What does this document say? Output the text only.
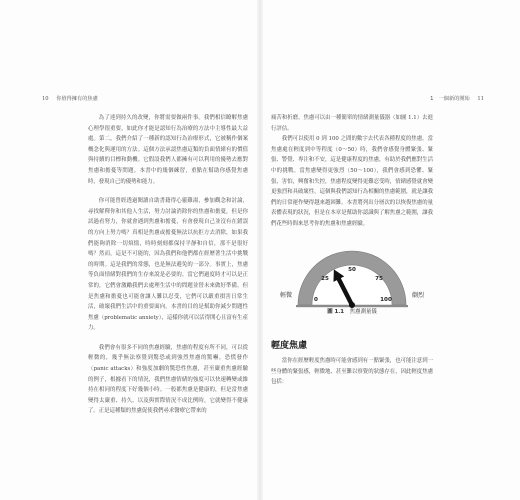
10 你值得擁有的焦慮	1　一個新的開始 11

為了達到持久的改變，你將需要做兩件事。我們相信瞭解焦慮心理學很重要，如此你才能是認知行為治療的方法中主導性最大益處。第二，我們介紹了一種新的認知行為治療形式，它被稱作個案概念化與運用的方法。這個方法承認焦慮這類的負面情緒有的價值與持續的目標和動機。它假設我們人都擁有可以利用的優勢去應對焦慮和擔憂等問題。本書中的幾個練習，重點在幫助你感覺焦慮時，發現自己的優勢和能力。

你可能曾經透過閱讀自助書籍得心靈雞湯，參加觀念和討論，尋找解釋你和其他人生活，努力討論消除你的焦慮和擔憂，但是你試過看努力，你就會遇到焦慮和擔憂，有會發現自己並沒有在錯誤的方向上努力嗎？真相是焦慮或擔憂無法以抗拒方去消除，如果我們能夠消除一切煩惱，時時刻刻都保持平靜和自信，那不是很好嗎？然而，這是不可能的，因為我們和他們都在經歷著生活中挑戰的時期。這是我們的常態，也是無法避免的一部分。事實上，焦慮等負面情緒對我們的生存來說是必要的。當它們過度時才可以是正常的，它們會激勵我們去處理生活中的問題並替未來做好準備。但是焦慮和擔憂也可能會讓人難以忍受，它們可以嚴重損害日常生活，破壞我們生活中的重要面向。本書的目的是幫助你減少問題性焦慮（problematic anxiety），這樣你就可以活得開心且富有生產力。

我們會有很多不同的焦慮經驗，焦慮的程度有所不同，可以從輕微的，幾乎無法察覺到驚恐或到強烈焦慮的驚嚇。恐慌發作（panic attacks）和強度加劇的驚恐性焦慮，甚至嚴重焦慮經驗的例子，根據看下的情況，我們焦慮情緒的強度可以快速轉變或維持在相同的程度下好幾個小時。一般都焦慮是健康的，但是當焦慮變得太嚴重、持久，以及與實際情況不成比例時，它就變得不健康了。正是這種類的焦慮促使我們尋求醫療它帶來的

痛苦和折磨。焦慮可以由一種簡單的情緒測量儀器（如圖 1.1）去進行評估。

我們可以使用 0 到 100 之間的數字去代表各種程度的焦慮。當焦慮處在輕度到中等程度（0～50）時，我們會感覺身體緊張、緊張、警覺、專注和不安，這是健康程度的焦慮，有助於我們應對生活中的挑戰。當焦慮變得更強烈（50～100），我們會感到恐懼、緊張、害怕，興奮和失控，焦慮程度變得更難忍受時，情緒感覺就會變更強烈和具破壞性。這個與我們認知行為相關的焦慮範圍，就是讓我們的日常運作變得越來越困難。本書將列出分層次的以恢復焦慮的量表體表現的狀況，但是在本章是幫助你認識與了解焦慮之範圍，讓我們花些時間來思考你的焦慮和焦慮經驗。

0
25
50
75
100
輕微	劇烈
圖 1.1 焦慮測量儀
輕度焦慮

當你在經歷輕度焦慮時可能會感到有一點緊張，也可能注意到一些身體的緊張感，輕微地、甚至難以察覺的狀態存在，因此輕度焦慮包括：
